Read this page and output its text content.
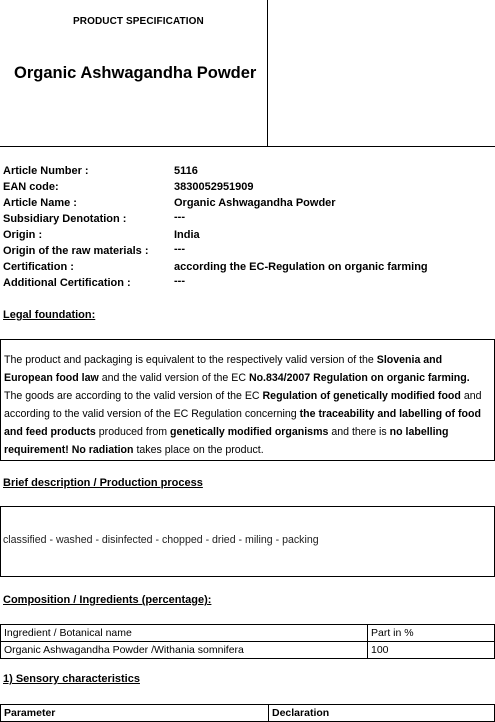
PRODUCT SPECIFICATION
Organic Ashwagandha Powder
Article Number :	5116
EAN code:	3830052951909
Article Name :	Organic Ashwagandha Powder
Subsidiary Denotation :	---
Origin :	India
Origin of the raw materials : ---
Certification :	according the EC-Regulation on organic farming
Additional Certification :	---
Legal foundation:
The product and packaging is equivalent to the respectively valid version of the Slovenia and European food law and the valid version of the EC No.834/2007 Regulation on organic farming. The goods are according to the valid version of the EC Regulation of genetically modified food and according to the valid version of the EC Regulation concerning the traceability and labelling of food and feed products produced from genetically modified organisms and there is no labelling requirement! No radiation takes place on the product.
Brief description / Production process
classified - washed - disinfected - chopped - dried - miling - packing
Composition / Ingredients (percentage):
Ingredient / Botanical name	Part in %
Organic Ashwagandha Powder /Withania somnifera	100
1) Sensory characteristics
Parameter	Declaration
